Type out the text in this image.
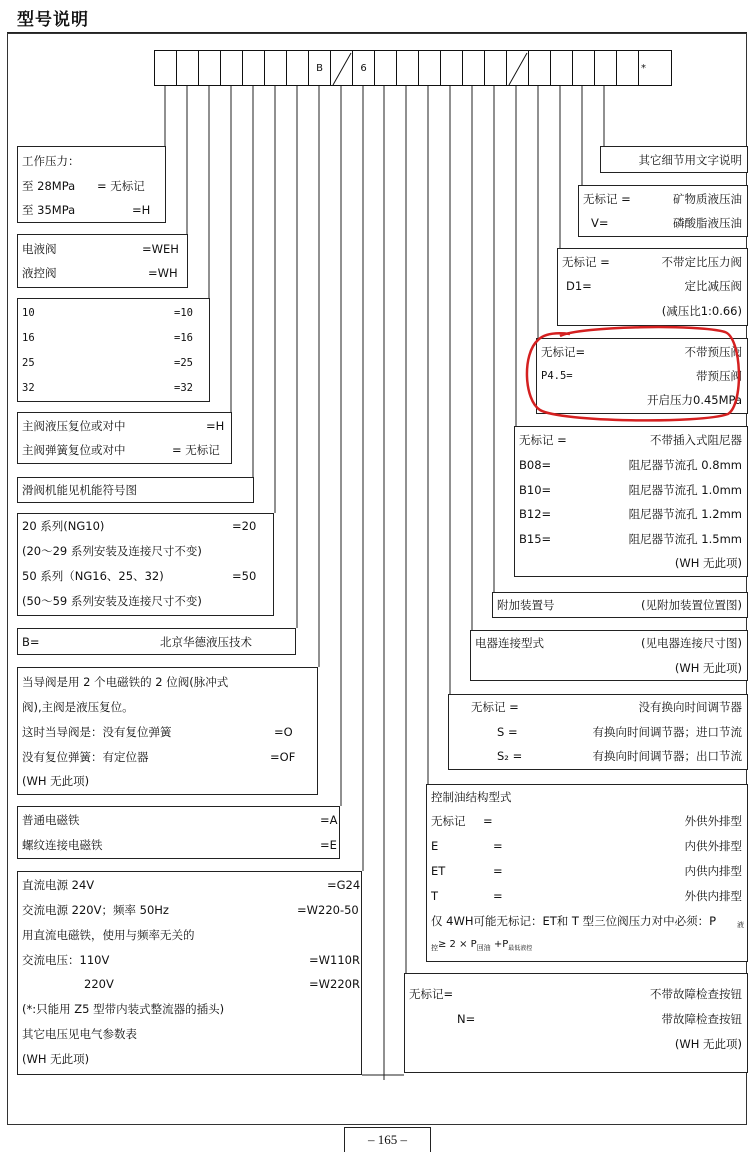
型号说明
B	6	*
工作压力：
至 28MPa = 无标记
至 35MPa	=H
电液阀	=WEH
液控阀	=WH
10	=10
16	=16
25	=25
32	=32
主阀液压复位或对中	=H
主阀弹簧复位或对中	= 无标记
滑阀机能见机能符号图
20 系列(NG10)	=20
(20～29 系列安装及连接尺寸不变)
50 系列（NG16、25、32)	=50
(50～59 系列安装及连接尺寸不变)
B=	北京华德液压技术
当导阀是用 2 个电磁铁的 2 位阀(脉冲式
阀),主阀是液压复位。
这时当导阀是：没有复位弹簧	=O
没有复位弹簧：有定位器	=OF
(WH 无此项)
普通电磁铁	=A
螺纹连接电磁铁	=E
直流电源 24V	=G24
交流电源 220V；频率 50Hz	=W220-50
用直流电磁铁，使用与频率无关的
交流电压：110V	=W110R
220V	=W220R
(*:只能用 Z5 型带内装式整流器的插头)
其它电压见电气参数表
(WH 无此项)
其它细节用文字说明
无标记 =	矿物质液压油
V=	磷酸脂液压油
无标记 =	不带定比压力阀
D1=	定比减压阀
(减压比1:0.66)
无标记=	不带预压阀
P4.5=	带预压阀
开启压力0.45MPa
无标记 =	不带插入式阻尼器
B08=	阻尼器节流孔 0.8mm
B10=	阻尼器节流孔 1.0mm
B12=	阻尼器节流孔 1.2mm
B15=	阻尼器节流孔 1.5mm
(WH 无此项)
附加装置号	(见附加装置位置图)
电器连接型式	(见电器连接尺寸图)
(WH 无此项)
无标记 =	没有换向时间调节器
S =	有换向时间调节器；进口节流
S₂ =	有换向时间调节器；出口节流
控制油结构型式
无标记 =	外供外排型
E	=	内供外排型
ET	=	内供内排型
T	=	外供内排型
仅 4WH可能无标记：ET和 T 型三位阀压力对中必须：P	液
$_控\ge 2 \times P_{回油} +P_{最低液控}$
无标记=	不带故障检查按钮
N=	带故障检查按钮
(WH 无此项)
– 165 –
